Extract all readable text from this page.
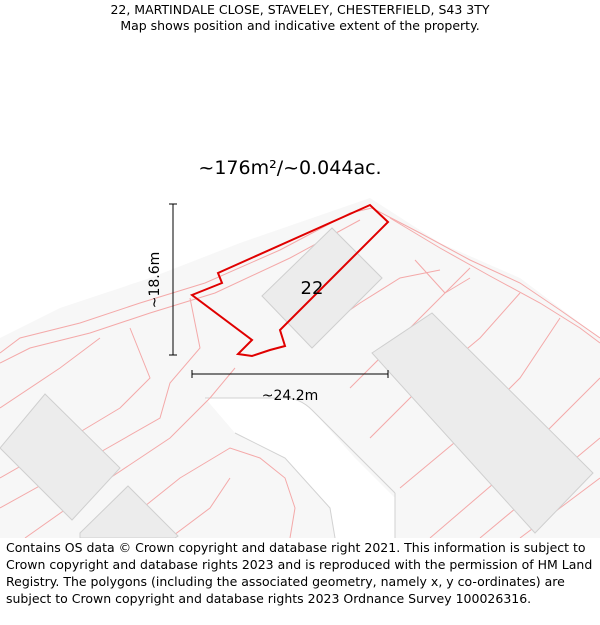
22, MARTINDALE CLOSE, STAVELEY, CHESTERFIELD, S43 3TY
Map shows position and indicative extent of the property.
~176m²/~0.044ac.
22
~18.6m
~24.2m
Contains OS data © Crown copyright and database right 2021. This information is subject to Crown copyright and database rights 2023 and is reproduced with the permission of HM Land Registry. The polygons (including the associated geometry, namely x, y co-ordinates) are subject to Crown copyright and database rights 2023 Ordnance Survey 100026316.
